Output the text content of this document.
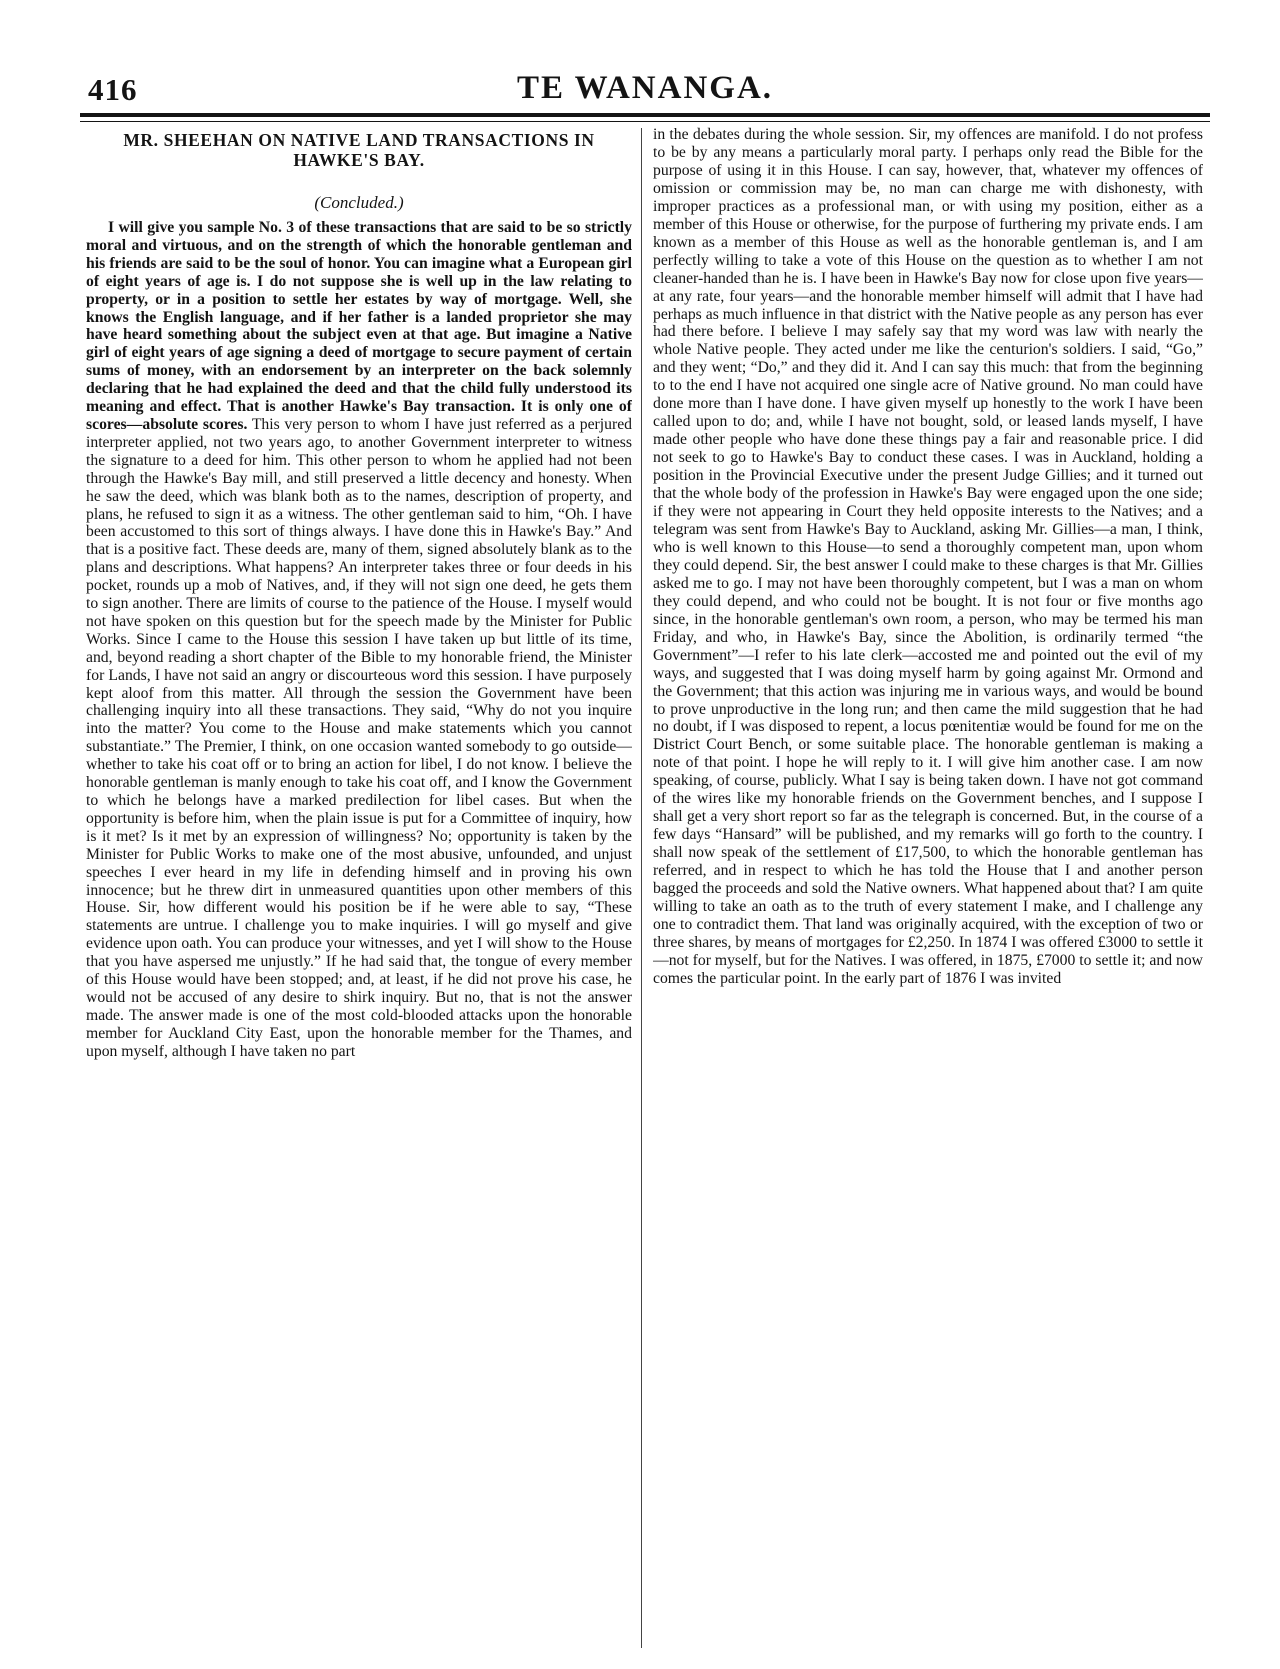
416	TE WANANGA.
MR. SHEEHAN ON NATIVE LAND TRANSACTIONS IN HAWKE'S BAY.
(Concluded.)

I will give you sample No. 3 of these transactions that are said to be so strictly moral and virtuous, and on the strength of which the honorable gentleman and his friends are said to be the soul of honor. You can imagine what a European girl of eight years of age is. I do not suppose she is well up in the law relating to property, or in a position to settle her estates by way of mortgage. Well, she knows the English language, and if her father is a landed proprietor she may have heard something about the subject even at that age. But imagine a Native girl of eight years of age signing a deed of mortgage to secure payment of certain sums of money, with an endorsement by an interpreter on the back solemnly declaring that he had explained the deed and that the child fully understood its meaning and effect. That is another Hawke's Bay transaction. It is only one of scores—absolute scores. This very person to whom I have just referred as a perjured interpreter applied, not two years ago, to another Government interpreter to witness the signature to a deed for him. This other person to whom he applied had not been through the Hawke's Bay mill, and still preserved a little decency and honesty. When he saw the deed, which was blank both as to the names, description of property, and plans, he refused to sign it as a witness. The other gentleman said to him, “Oh. I have been accustomed to this sort of things always. I have done this in Hawke's Bay.” And that is a positive fact. These deeds are, many of them, signed absolutely blank as to the plans and descriptions. What happens? An interpreter takes three or four deeds in his pocket, rounds up a mob of Natives, and, if they will not sign one deed, he gets them to sign another. There are limits of course to the patience of the House. I myself would not have spoken on this question but for the speech made by the Minister for Public Works. Since I came to the House this session I have taken up but little of its time, and, beyond reading a short chapter of the Bible to my honorable friend, the Minister for Lands, I have not said an angry or discourteous word this session. I have purposely kept aloof from this matter. All through the session the Government have been challenging inquiry into all these transactions. They said, “Why do not you inquire into the matter? You come to the House and make statements which you cannot substantiate.” The Premier, I think, on one occasion wanted somebody to go outside—whether to take his coat off or to bring an action for libel, I do not know. I believe the honorable gentleman is manly enough to take his coat off, and I know the Government to which he belongs have a marked predilection for libel cases. But when the opportunity is before him, when the plain issue is put for a Committee of inquiry, how is it met? Is it met by an expression of willingness? No; opportunity is taken by the Minister for Public Works to make one of the most abusive, unfounded, and unjust speeches I ever heard in my life in defending himself and in proving his own innocence; but he threw dirt in unmeasured quantities upon other members of this House. Sir, how different would his position be if he were able to say, “These statements are untrue. I challenge you to make inquiries. I will go myself and give evidence upon oath. You can produce your witnesses, and yet I will show to the House that you have aspersed me unjustly.” If he had said that, the tongue of every member of this House would have been stopped; and, at least, if he did not prove his case, he would not be accused of any desire to shirk inquiry. But no, that is not the answer made. The answer made is one of the most cold-blooded attacks upon the honorable member for Auckland City East, upon the honorable member for the Thames, and upon myself, although I have taken no part

in the debates during the whole session. Sir, my offences are manifold. I do not profess to be by any means a particularly moral party. I perhaps only read the Bible for the purpose of using it in this House. I can say, however, that, whatever my offences of omission or commission may be, no man can charge me with dishonesty, with improper practices as a professional man, or with using my position, either as a member of this House or otherwise, for the purpose of furthering my private ends. I am known as a member of this House as well as the honorable gentleman is, and I am perfectly willing to take a vote of this House on the question as to whether I am not cleaner-handed than he is. I have been in Hawke's Bay now for close upon five years—at any rate, four years—and the honorable member himself will admit that I have had perhaps as much influence in that district with the Native people as any person has ever had there before. I believe I may safely say that my word was law with nearly the whole Native people. They acted under me like the centurion's soldiers. I said, “Go,” and they went; “Do,” and they did it. And I can say this much: that from the beginning to to the end I have not acquired one single acre of Native ground. No man could have done more than I have done. I have given myself up honestly to the work I have been called upon to do; and, while I have not bought, sold, or leased lands myself, I have made other people who have done these things pay a fair and reasonable price. I did not seek to go to Hawke's Bay to conduct these cases. I was in Auckland, holding a position in the Provincial Executive under the present Judge Gillies; and it turned out that the whole body of the profession in Hawke's Bay were engaged upon the one side; if they were not appearing in Court they held opposite interests to the Natives; and a telegram was sent from Hawke's Bay to Auckland, asking Mr. Gillies—a man, I think, who is well known to this House—to send a thoroughly competent man, upon whom they could depend. Sir, the best answer I could make to these charges is that Mr. Gillies asked me to go. I may not have been thoroughly competent, but I was a man on whom they could depend, and who could not be bought. It is not four or five months ago since, in the honorable gentleman's own room, a person, who may be termed his man Friday, and who, in Hawke's Bay, since the Abolition, is ordinarily termed “the Government”—I refer to his late clerk—accosted me and pointed out the evil of my ways, and suggested that I was doing myself harm by going against Mr. Ormond and the Government; that this action was injuring me in various ways, and would be bound to prove unproductive in the long run; and then came the mild suggestion that he had no doubt, if I was disposed to repent, a locus pœnitentiæ would be found for me on the District Court Bench, or some suitable place. The honorable gentleman is making a note of that point. I hope he will reply to it. I will give him another case. I am now speaking, of course, publicly. What I say is being taken down. I have not got command of the wires like my honorable friends on the Government benches, and I suppose I shall get a very short report so far as the telegraph is concerned. But, in the course of a few days “Hansard” will be published, and my remarks will go forth to the country. I shall now speak of the settlement of £17,500, to which the honorable gentleman has referred, and in respect to which he has told the House that I and another person bagged the proceeds and sold the Native owners. What happened about that? I am quite willing to take an oath as to the truth of every statement I make, and I challenge any one to contradict them. That land was originally acquired, with the exception of two or three shares, by means of mortgages for £2,250. In 1874 I was offered £3000 to settle it—not for myself, but for the Natives. I was offered, in 1875, £7000 to settle it; and now comes the particular point. In the early part of 1876 I was invited
